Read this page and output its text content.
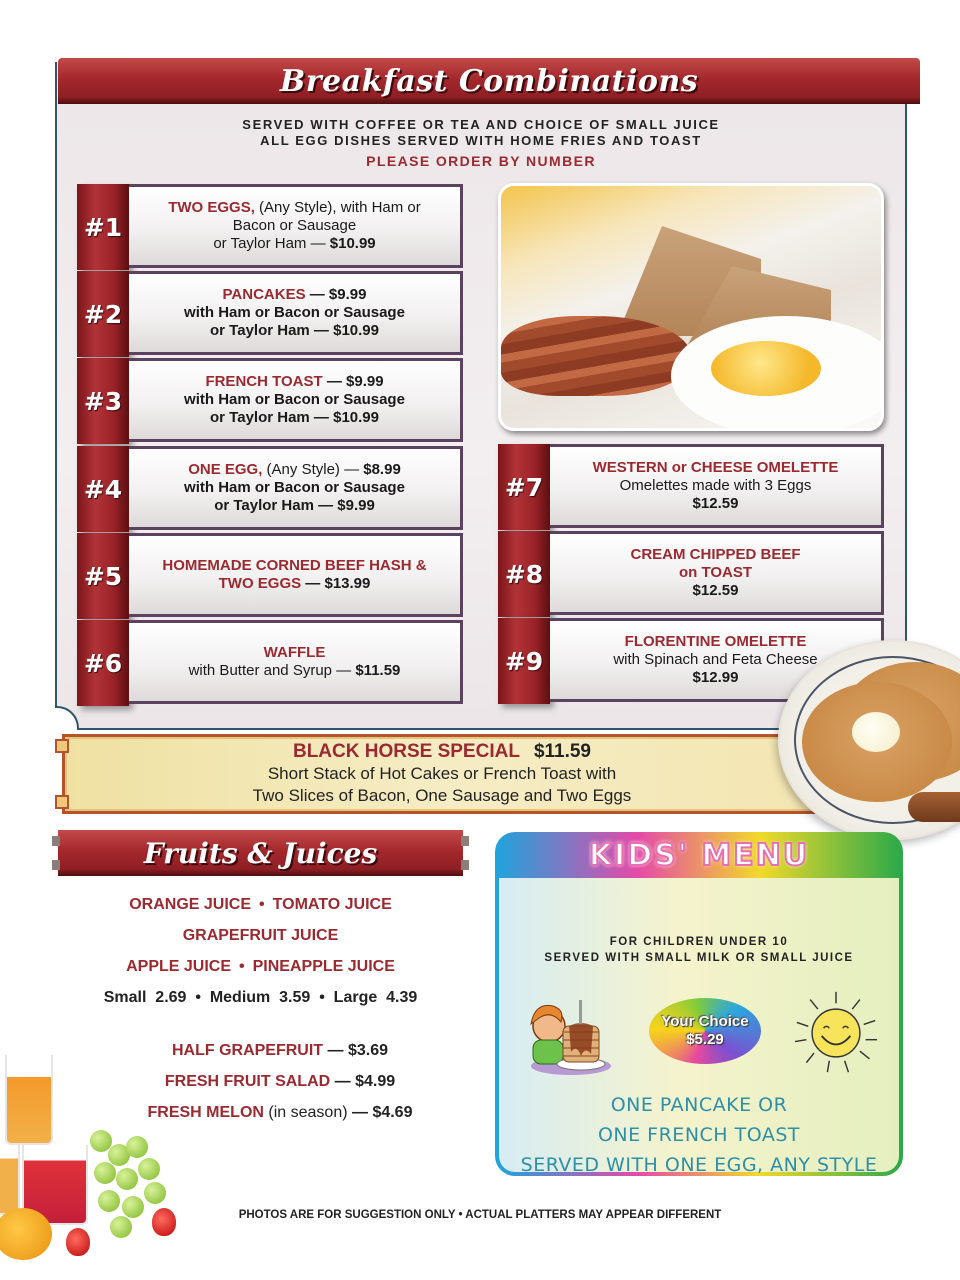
Breakfast Combinations
SERVED WITH COFFEE OR TEA AND CHOICE OF SMALL JUICE
ALL EGG DISHES SERVED WITH HOME FRIES AND TOAST
PLEASE ORDER BY NUMBER
#1
TWO EGGS, (Any Style), with Ham or
Bacon or Sausage
or Taylor Ham — $10.99
#2
PANCAKES — $9.99
with Ham or Bacon or Sausage
or Taylor Ham — $10.99
#3
FRENCH TOAST — $9.99
with Ham or Bacon or Sausage
or Taylor Ham — $10.99
#4
ONE EGG, (Any Style) — $8.99
with Ham or Bacon or Sausage
or Taylor Ham — $9.99
#5	HOMEMADE CORNED BEEF HASH &
TWO EGGS — $13.99
#6	WAFFLE
with Butter and Syrup — $11.59
#7
WESTERN or CHEESE OMELETTE
Omelettes made with 3 Eggs
$12.59
#8
CREAM CHIPPED BEEF
on TOAST
$12.59
#9
FLORENTINE OMELETTE
with Spinach and Feta Cheese
$12.99
BLACK HORSE SPECIAL $11.59
Short Stack of Hot Cakes or French Toast with
Two Slices of Bacon, One Sausage and Two Eggs
Fruits & Juices
ORANGE JUICE • TOMATO JUICE
GRAPEFRUIT JUICE
APPLE JUICE • PINEAPPLE JUICE
Small  2.69  •  Medium  3.59  •  Large  4.39
HALF GRAPEFRUIT — $3.69
FRESH FRUIT SALAD — $4.99
FRESH MELON (in season) — $4.69
KIDS' MENU
FOR CHILDREN UNDER 10
SERVED WITH SMALL MILK OR SMALL JUICE
Your Choice
$5.29
ONE PANCAKE OR
ONE FRENCH TOAST
SERVED WITH ONE EGG, ANY STYLE
PHOTOS ARE FOR SUGGESTION ONLY • ACTUAL PLATTERS MAY APPEAR DIFFERENT
